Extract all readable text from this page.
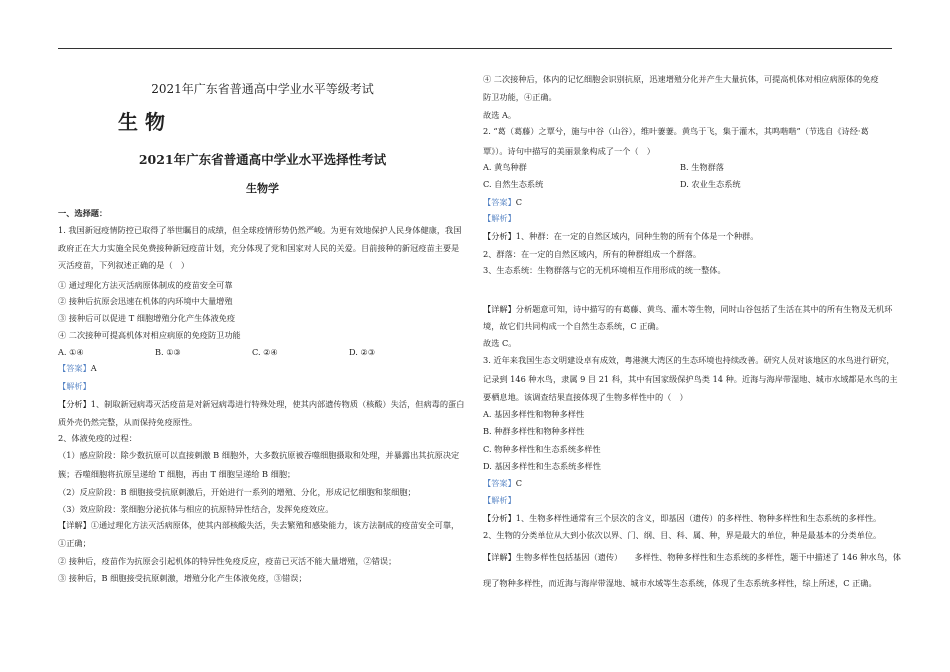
2021年广东省普通高中学业水平等级考试
生 物
2021年广东省普通高中学业水平选择性考试
生物学
一、选择题：
1. 我国新冠疫情防控已取得了举世瞩目的成绩，但全球疫情形势仍然严峻。为更有效地保护人民身体健康，我国
政府正在大力实施全民免费接种新冠疫苗计划，充分体现了党和国家对人民的关爱。目前接种的新冠疫苗主要是
灭活疫苗，下列叙述正确的是（　）
① 通过理化方法灭活病原体制成的疫苗安全可靠
② 接种后抗原会迅速在机体的内环境中大量增殖
③ 接种后可以促进 T 细胞增殖分化产生体液免疫
④ 二次接种可提高机体对相应病原的免疫防卫功能
A. ①④	B. ①③	C. ②④	D. ②③
【答案】A
【解析】
【分析】1、制取新冠病毒灭活疫苗是对新冠病毒进行特殊处理，使其内部遗传物质（核酸）失活，但病毒的蛋白
质外壳仍然完整，从而保持免疫原性。
2、体液免疫的过程：
（1）感应阶段：除少数抗原可以直接刺激 B 细胞外，大多数抗原被吞噬细胞摄取和处理，并暴露出其抗原决定
簇；吞噬细胞将抗原呈递给 T 细胞，再由 T 细胞呈递给 B 细胞；
（2）反应阶段：B 细胞接受抗原刺激后，开始进行一系列的增殖、分化，形成记忆细胞和浆细胞；
（3）效应阶段：浆细胞分泌抗体与相应的抗原特异性结合，发挥免疫效应。
【详解】①通过理化方法灭活病原体，使其内部核酸失活，失去繁殖和感染能力，该方法制成的疫苗安全可靠，
①正确；
② 接种后，疫苗作为抗原会引起机体的特异性免疫反应，疫苗已灭活不能大量增殖，②错误；
③ 接种后，B 细胞接受抗原刺激，增殖分化产生体液免疫，③错误；
④ 二次接种后，体内的记忆细胞会识别抗原，迅速增殖分化并产生大量抗体，可提高机体对相应病原体的免疫
防卫功能，④正确。
故选 A。
2. “葛（葛藤）之覃兮，施与中谷（山谷），维叶萋萋。黄鸟于飞，集于灌木，其鸣喈喈”（节选自《诗经·葛
覃》）。诗句中描写的美丽景象构成了一个（　）
A. 黄鸟种群	B. 生物群落
C. 自然生态系统	D. 农业生态系统
【答案】C
【解析】
【分析】1、种群：在一定的自然区域内，同种生物的所有个体是一个种群。
2、群落：在一定的自然区域内，所有的种群组成一个群落。
3、生态系统：生物群落与它的无机环境相互作用形成的统一整体。
【详解】分析题意可知，诗中描写的有葛藤、黄鸟、灌木等生物，同时山谷包括了生活在其中的所有生物及无机环
境，故它们共同构成一个自然生态系统，C 正确。
故选 C。
3. 近年来我国生态文明建设卓有成效，粤港澳大湾区的生态环境也持续改善。研究人员对该地区的水鸟进行研究，
记录到 146 种水鸟，隶属 9 目 21 科，其中有国家级保护鸟类 14 种。近海与海岸带湿地、城市水域都是水鸟的主
要栖息地。该调查结果直接体现了生物多样性中的（　）
A. 基因多样性和物种多样性
B. 种群多样性和物种多样性
C. 物种多样性和生态系统多样性
D. 基因多样性和生态系统多样性
【答案】C
【解析】
【分析】1、生物多样性通常有三个层次的含义，即基因（遗传）的多样性、物种多样性和生态系统的多样性。
2、生物的分类单位从大到小依次以界、门、纲、目、科、属、种，界是最大的单位，种是最基本的分类单位。
【详解】生物多样性包括基因（遗传）　　多样性、物种多样性和生态系统的多样性，题干中描述了 146 种水鸟，体
现了物种多样性，而近海与海岸带湿地、城市水域等生态系统，体现了生态系统多样性，综上所述，C 正确。
